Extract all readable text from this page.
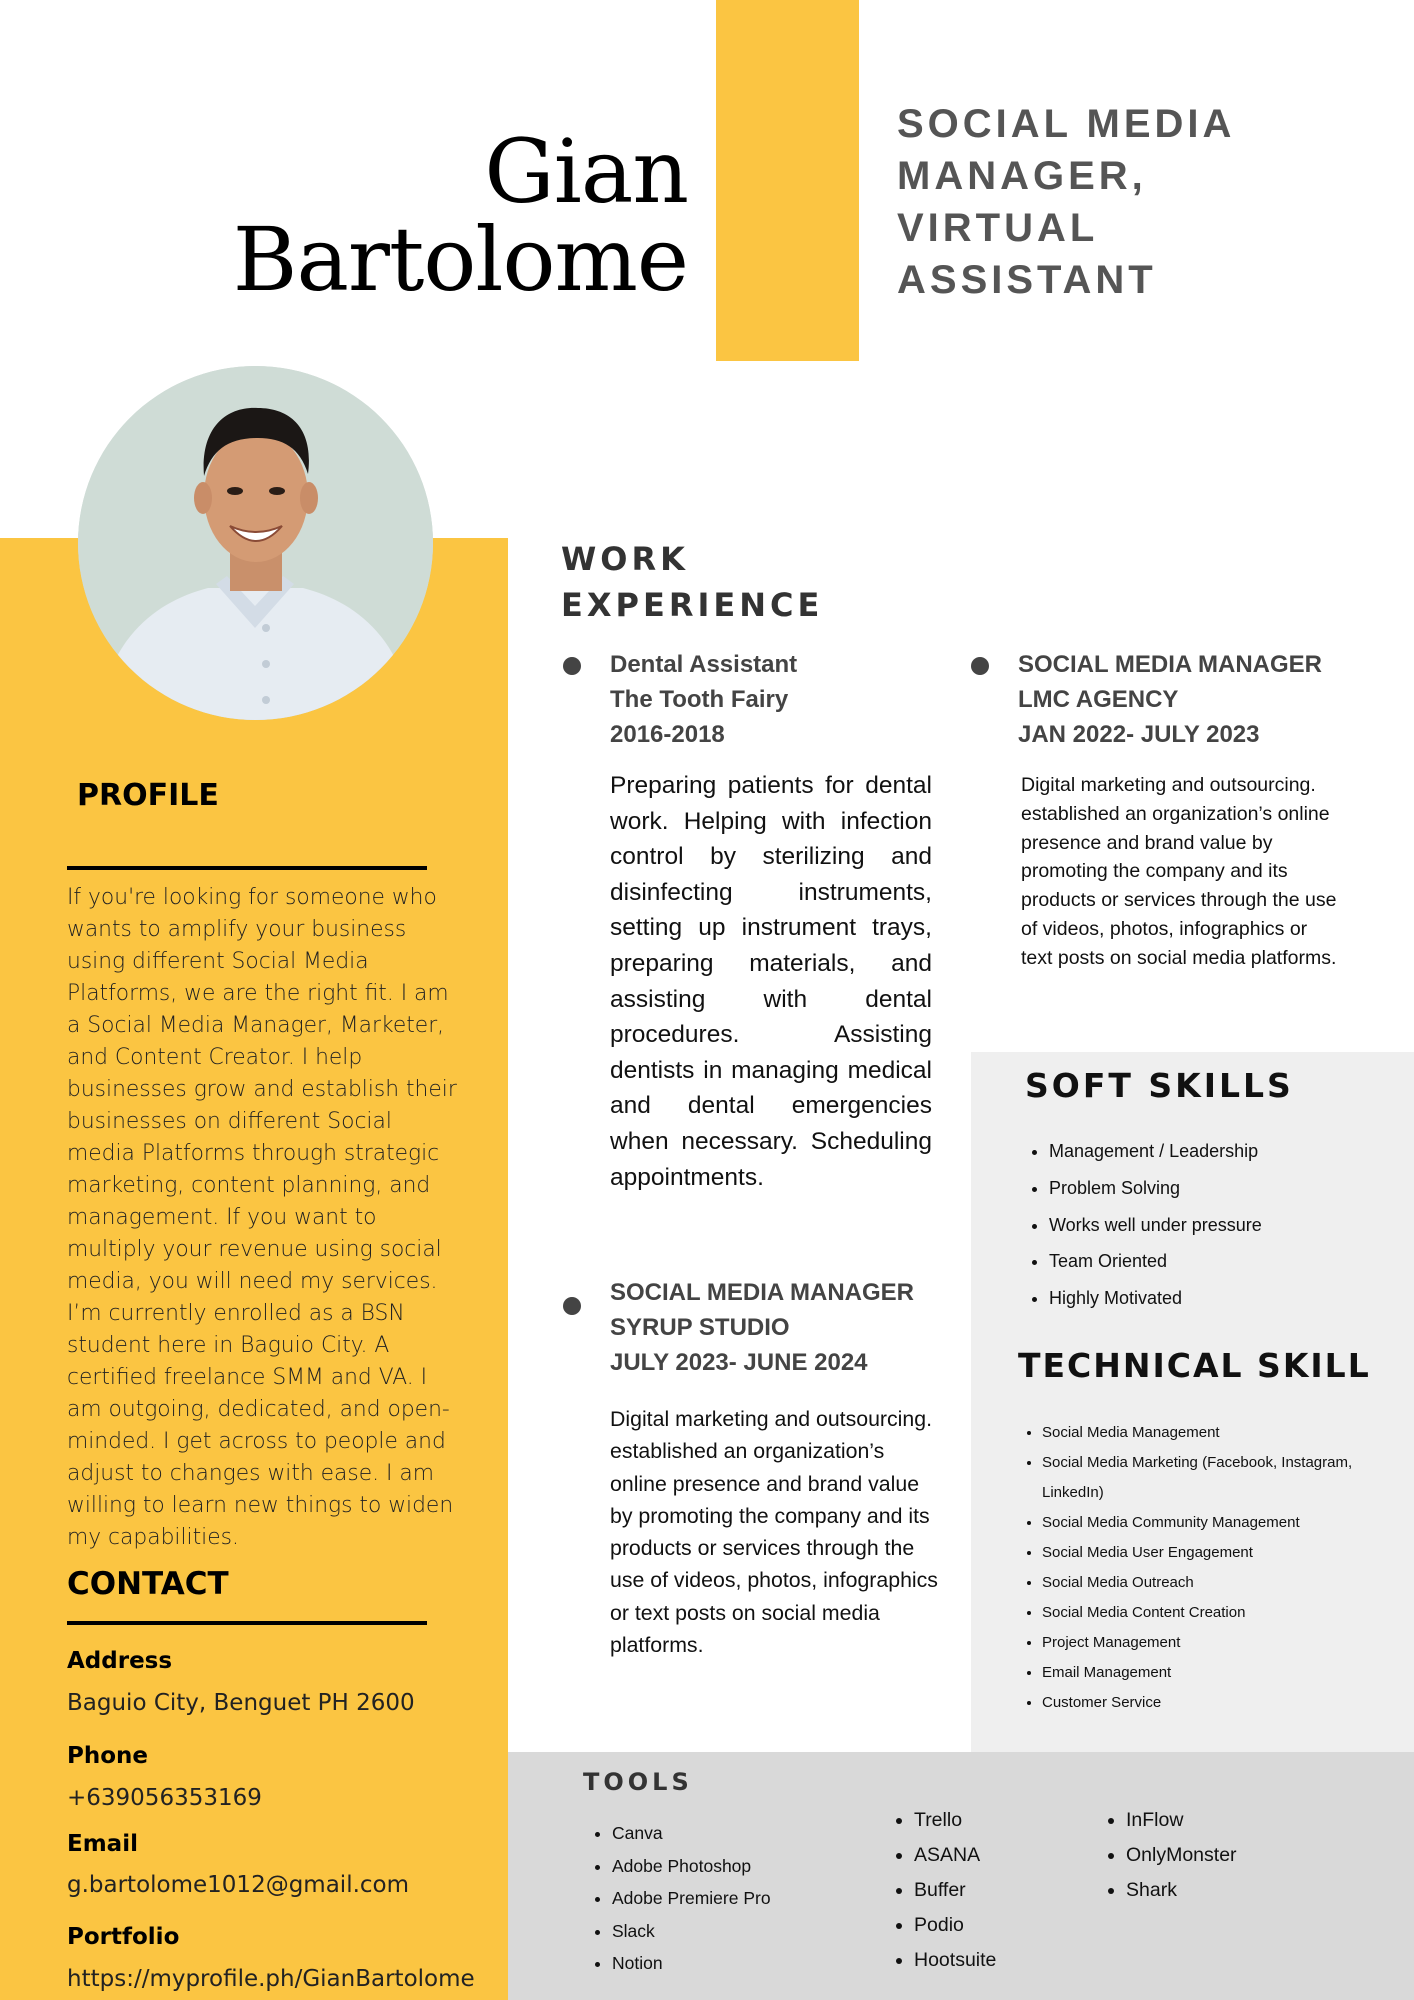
Gian
Bartolome
SOCIAL MEDIA
MANAGER,
VIRTUAL
ASSISTANT
PROFILE
If you're looking for someone who wants to amplify your business using different Social Media Platforms, we are the right fit. I am a Social Media Manager, Marketer, and Content Creator. I help businesses grow and establish their businesses on different Social media Platforms through strategic marketing, content planning, and management. If you want to multiply your revenue using social media, you will need my services. I’m currently enrolled as a BSN student here in Baguio City. A certified freelance SMM and VA. I am outgoing, dedicated, and open-minded. I get across to people and adjust to changes with ease. I am willing to learn new things to widen my capabilities.
CONTACT
Address
Baguio City, Benguet PH 2600
Phone
+639056353169
Email
g.bartolome1012@gmail.com
Portfolio
https://myprofile.ph/GianBartolome
WORK
EXPERIENCE
Dental Assistant
The Tooth Fairy
2016-2018
Preparing patients for dental work. Helping with infection control by sterilizing and disinfecting instruments, setting up instrument trays, preparing materials, and assisting with dental procedures. Assisting dentists in managing medical and dental emergencies when necessary. Scheduling appointments.
SOCIAL MEDIA MANAGER
SYRUP STUDIO
JULY 2023- JUNE 2024
Digital marketing and outsourcing. established an organization’s online presence and brand value by promoting the company and its products or services through the use of videos, photos, infographics or text posts on social media platforms.
SOCIAL MEDIA MANAGER
LMC AGENCY
JAN 2022- JULY 2023
Digital marketing and outsourcing. established an organization’s online presence and brand value by promoting the company and its products or services through the use of videos, photos, infographics or text posts on social media platforms.
SOFT SKILLS
• Management / Leadership
• Problem Solving
• Works well under pressure
• Team Oriented
• Highly Motivated
TECHNICAL SKILL
• Social Media Management
• Social Media Marketing (Facebook, Instagram, LinkedIn)
• Social Media Community Management
• Social Media User Engagement
• Social Media Outreach
• Social Media Content Creation
• Project Management
• Email Management
• Customer Service
TOOLS
• Canva
• Adobe Photoshop
• Adobe Premiere Pro
• Slack
• Notion
• Trello
• ASANA
• Buffer
• Podio
• Hootsuite
• InFlow
• OnlyMonster
• Shark
